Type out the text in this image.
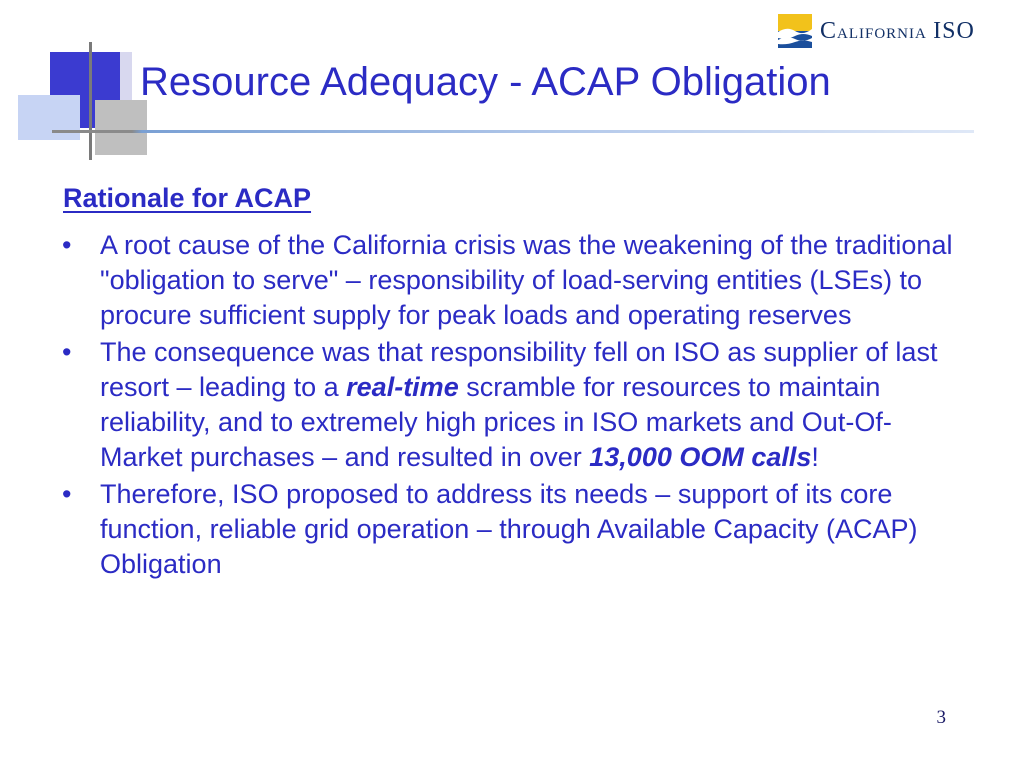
California ISO
Resource Adequacy - ACAP Obligation
Rationale for ACAP
• A root cause of the California crisis was the weakening of the traditional "obligation to serve" – responsibility of load-serving entities (LSEs) to procure sufficient supply for peak loads and operating reserves
• The consequence was that responsibility fell on ISO as supplier of last resort – leading to a real-time scramble for resources to maintain reliability, and to extremely high prices in ISO markets and Out-Of-Market purchases – and resulted in over 13,000 OOM calls!
• Therefore, ISO proposed to address its needs – support of its core function, reliable grid operation – through Available Capacity (ACAP) Obligation
3
